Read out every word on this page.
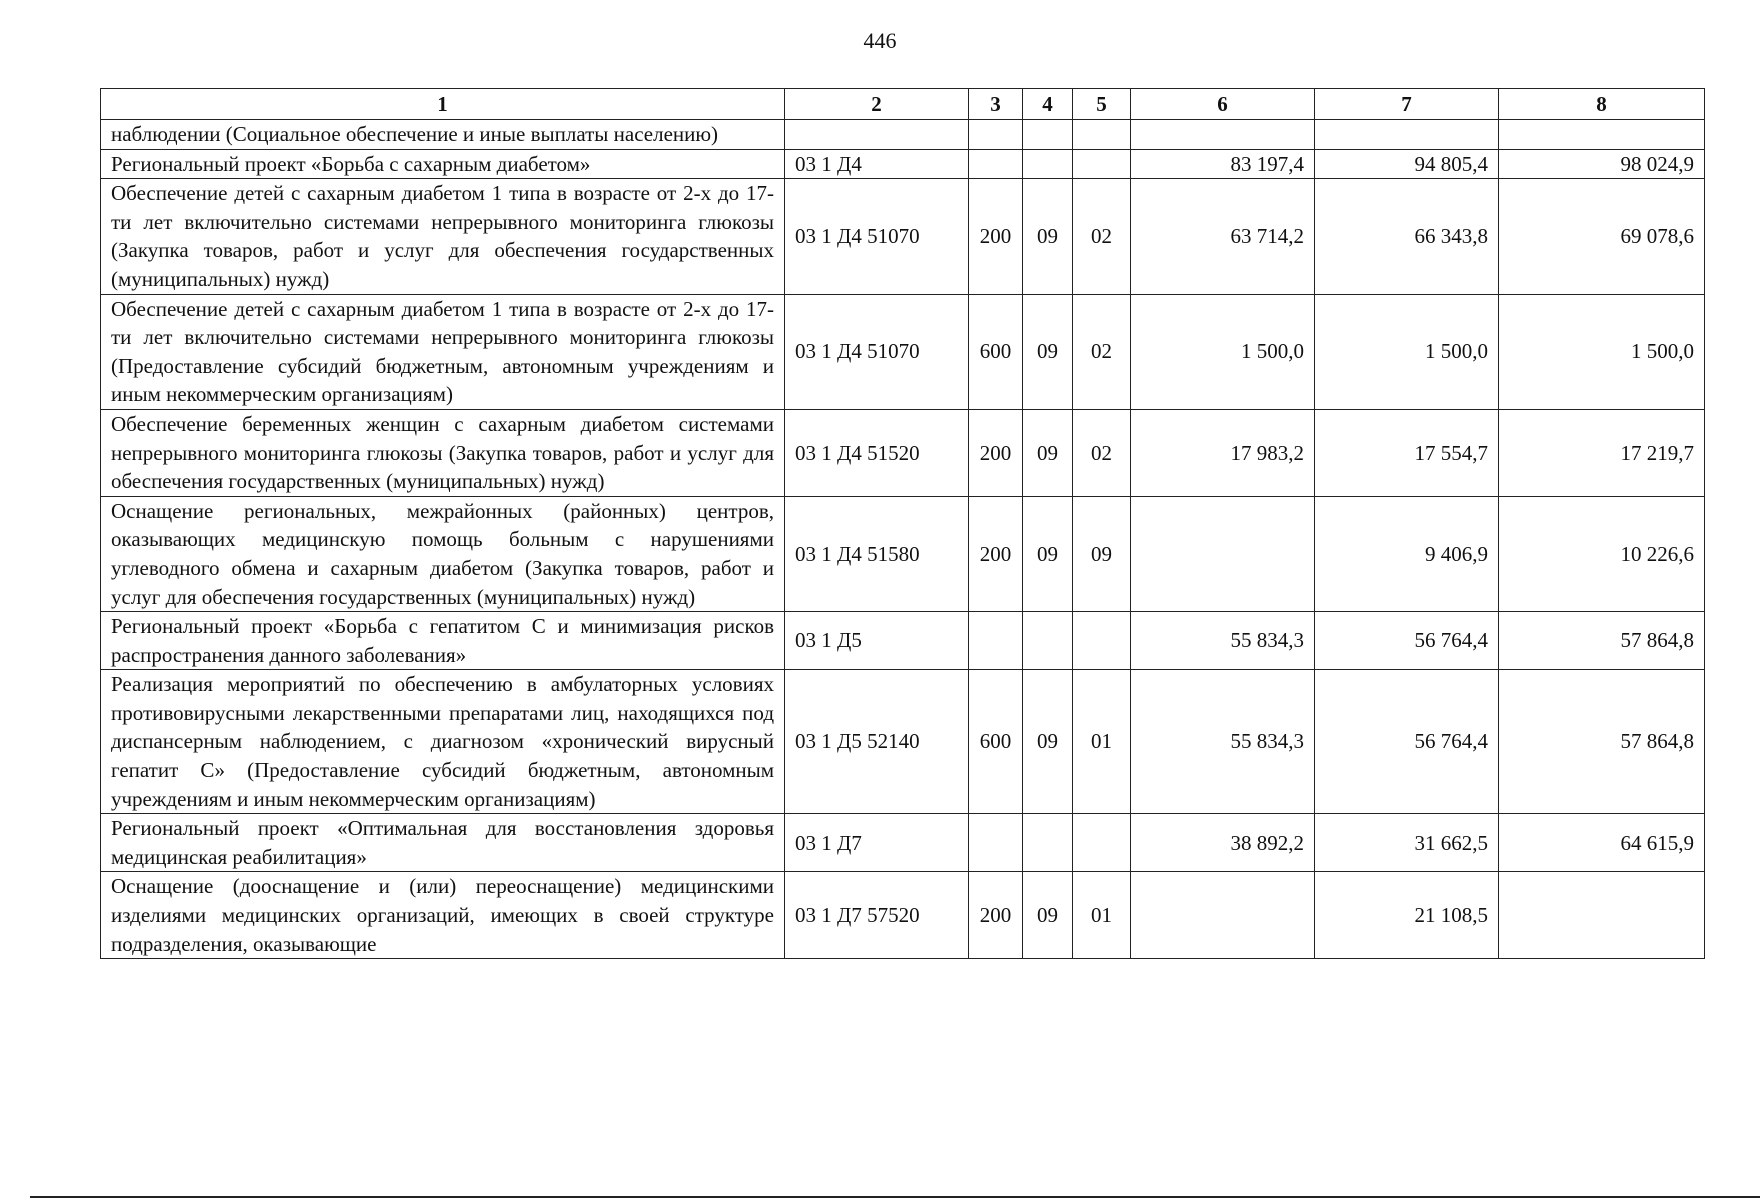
446
1	2	3	4	5	6	7	8
наблюдении (Социальное обеспечение и иные выплаты населению)							
Региональный проект «Борьба с сахарным диабетом»	03 1 Д4				83 197,4	94 805,4	98 024,9
Обеспечение детей с сахарным диабетом 1 типа в возрасте от 2-х до 17-ти лет включительно системами непрерывного мониторинга глюкозы (Закупка товаров, работ и услуг для обеспечения государственных (муниципальных) нужд)	03 1 Д4 51070	200	09	02	63 714,2	66 343,8	69 078,6
Обеспечение детей с сахарным диабетом 1 типа в возрасте от 2-х до 17-ти лет включительно системами непрерывного мониторинга глюкозы (Предоставление субсидий бюджетным, автономным учреждениям и иным некоммерческим организациям)	03 1 Д4 51070	600	09	02	1 500,0	1 500,0	1 500,0
Обеспечение беременных женщин с сахарным диабетом системами непрерывного мониторинга глюкозы (Закупка товаров, работ и услуг для обеспечения государственных (муниципальных) нужд)	03 1 Д4 51520	200	09	02	17 983,2	17 554,7	17 219,7
Оснащение региональных, межрайонных (районных) центров, оказывающих медицинскую помощь больным с нарушениями углеводного обмена и сахарным диабетом (Закупка товаров, работ и услуг для обеспечения государственных (муниципальных) нужд)	03 1 Д4 51580	200	09	09		9 406,9	10 226,6
Региональный проект «Борьба с гепатитом С и минимизация рисков распространения данного заболевания»	03 1 Д5				55 834,3	56 764,4	57 864,8
Реализация мероприятий по обеспечению в амбулаторных условиях противовирусными лекарственными препаратами лиц, находящихся под диспансерным наблюдением, с диагнозом «хронический вирусный гепатит С» (Предоставление субсидий бюджетным, автономным учреждениям и иным некоммерческим организациям)	03 1 Д5 52140	600	09	01	55 834,3	56 764,4	57 864,8
Региональный проект «Оптимальная для восстановления здоровья медицинская реабилитация»	03 1 Д7				38 892,2	31 662,5	64 615,9
Оснащение (дооснащение и (или) переоснащение) медицинскими изделиями медицинских организаций, имеющих в своей структуре подразделения, оказывающие	03 1 Д7 57520	200	09	01		21 108,5	
